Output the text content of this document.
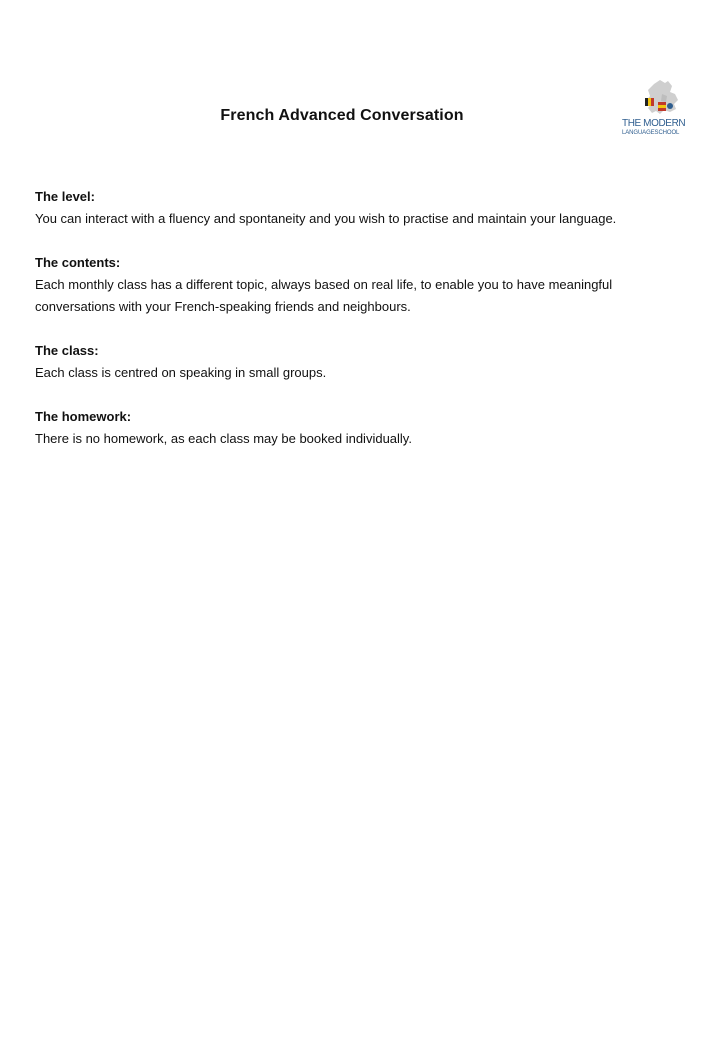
French Advanced Conversation	THE MODERN
LANGUAGESCHOOL
The level:
You can interact with a fluency and spontaneity and you wish to practise and maintain your language.
The contents:
Each monthly class has a different topic, always based on real life, to enable you to have meaningful conversations with your French-speaking friends and neighbours.
The class:
Each class is centred on speaking in small groups.
The homework:
There is no homework, as each class may be booked individually.
